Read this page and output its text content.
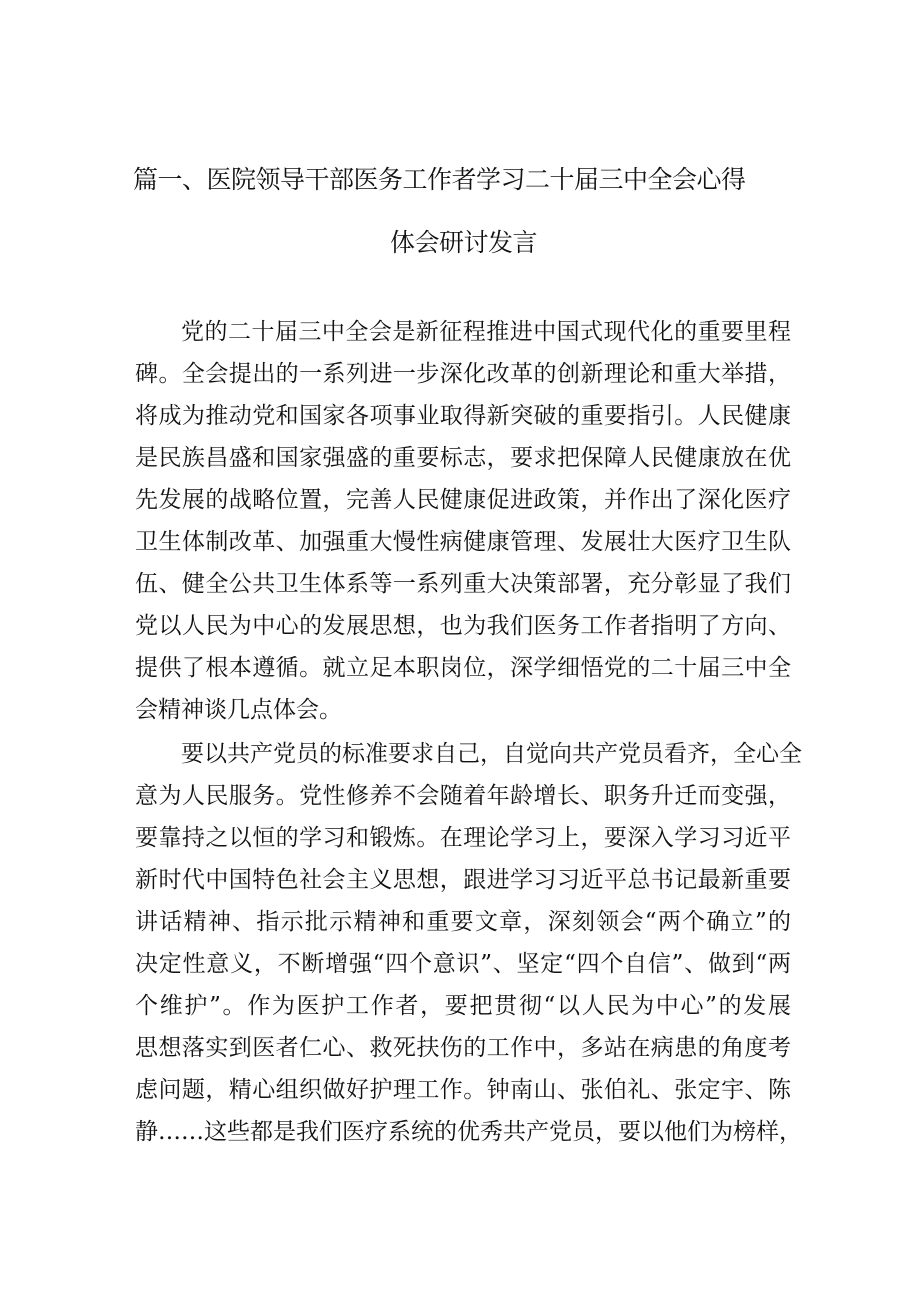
篇一、医院领导干部医务工作者学习二十届三中全会心得
体会研讨发言
党的二十届三中全会是新征程推进中国式现代化的重要里程
碑。全会提出的一系列进一步深化改革的创新理论和重大举措，
将成为推动党和国家各项事业取得新突破的重要指引。人民健康
是民族昌盛和国家强盛的重要标志，要求把保障人民健康放在优
先发展的战略位置，完善人民健康促进政策，并作出了深化医疗
卫生体制改革、加强重大慢性病健康管理、发展壮大医疗卫生队
伍、健全公共卫生体系等一系列重大决策部署，充分彰显了我们
党以人民为中心的发展思想，也为我们医务工作者指明了方向、
提供了根本遵循。就立足本职岗位，深学细悟党的二十届三中全
会精神谈几点体会。
要以共产党员的标准要求自己，自觉向共产党员看齐，全心全
意为人民服务。党性修养不会随着年龄增长、职务升迁而变强，
要靠持之以恒的学习和锻炼。在理论学习上，要深入学习习近平
新时代中国特色社会主义思想，跟进学习习近平总书记最新重要
讲话精神、指示批示精神和重要文章，深刻领会“两个确立”的
决定性意义，不断增强“四个意识”、坚定“四个自信”、做到“两
个维护”。作为医护工作者，要把贯彻“以人民为中心”的发展
思想落实到医者仁心、救死扶伤的工作中，多站在病患的角度考
虑问题，精心组织做好护理工作。钟南山、张伯礼、张定宇、陈
静……这些都是我们医疗系统的优秀共产党员，要以他们为榜样，
